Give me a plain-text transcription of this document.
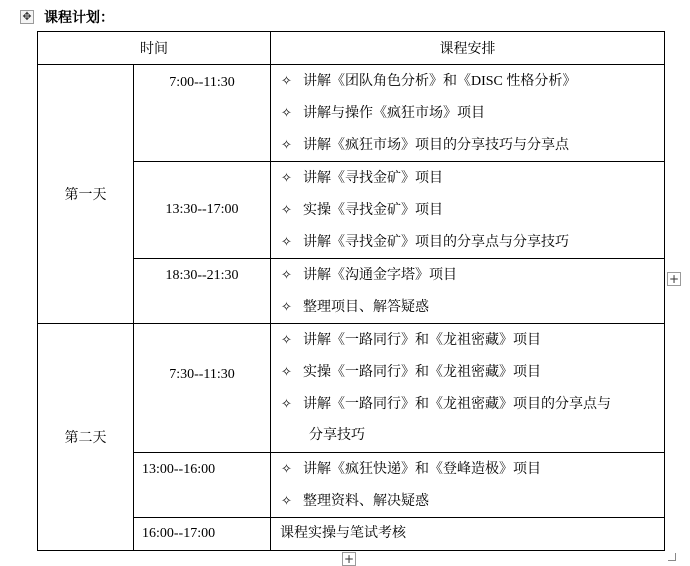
✥ 课程计划：
时间		课程安排
第一天	7:00--11:30	✧ 讲解《团队角色分析》和《DISC 性格分析》
✧ 讲解与操作《疯狂市场》项目
✧ 讲解《疯狂市场》项目的分享技巧与分享点

	13:30--17:00	✧ 讲解《寻找金矿》项目
✧ 实操《寻找金矿》项目
✧ 讲解《寻找金矿》项目的分享点与分享技巧

	18:30--21:30	✧ 讲解《沟通金字塔》项目
✧ 整理项目、解答疑惑

第二天	7:30--11:30	✧ 讲解《一路同行》和《龙祖密藏》项目
✧ 实操《一路同行》和《龙祖密藏》项目
✧ 讲解《一路同行》和《龙祖密藏》项目的分享点与
分享技巧

	13:00--16:00	✧ 讲解《疯狂快递》和《登峰造极》项目
✧ 整理资料、解决疑惑

	16:00--17:00	课程实操与笔试考核
+
+
